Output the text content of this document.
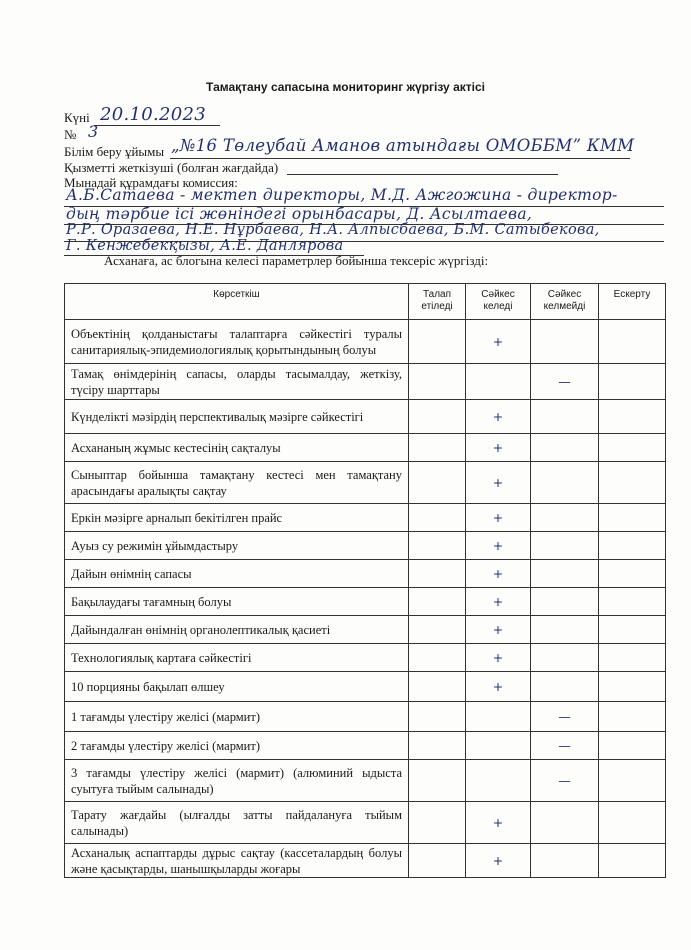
Тамақтану сапасына мониторинг жүргізу актісі
Күні 20.10.2023
№ 3
Білім беру ұйымы „№16 Төлеубай Аманов атындағы ОМОББМ” КММ
Қызметті жеткізуші (болған жағдайда)
Мынадай құрамдағы комиссия:
А.Б.Сатаева - мектеп директоры, М.Д. Ажгожина - директор-
дың тәрбие ісі жөніндегі орынбасары, Д. Асылтаева,
Р.Р. Оразаева, Н.Е. Нұрбаева, Н.А. Алпысбаева, Б.М. Сатыбекова,
Г. Кенжебекқызы, А.Е. Данлярова
Асханаға, ас блогына келесі параметрлер бойынша тексеріс жүргізді:
Көрсеткіш	Талап етіледі	Сәйкес келеді	Сәйкес келмейді	Ескерту
Объектінің қолданыстағы талаптарға сәйкестігі туралы санитариялық-эпидемиологиялық қорытындының болуы		+		
Тамақ өнімдерінің сапасы, оларды тасымалдау, жеткізу, түсіру шарттары			—	
Күнделікті мәзірдің перспективалық мәзірге сәйкестігі		+		
Асхананың жұмыс кестесінің сақталуы		+		
Сыныптар бойынша тамақтану кестесі мен тамақтану арасындағы аралықты сақтау		+		
Еркін мәзірге арналып бекітілген прайс		+		
Ауыз су режимін ұйымдастыру		+		
Дайын өнімнің сапасы		+		
Бақылаудағы тағамның болуы		+		
Дайындалған өнімнің органолептикалық қасиеті		+		
Технологиялық картаға сәйкестігі		+		
10 порцияны бақылап өлшеу		+		
1 тағамды үлестіру желісі (мармит)			—	
2 тағамды үлестіру желісі (мармит)			—	
3 тағамды үлестіру желісі (мармит) (алюминий ыдыста суытуға тыйым салынады)			—	
Тарату жағдайы (ылғалды затты пайдалануға тыйым салынады)		+		
Асханалық аспаптарды дұрыс сақтау (кассеталардың болуы және қасықтарды, шанышқыларды жоғары		+		
